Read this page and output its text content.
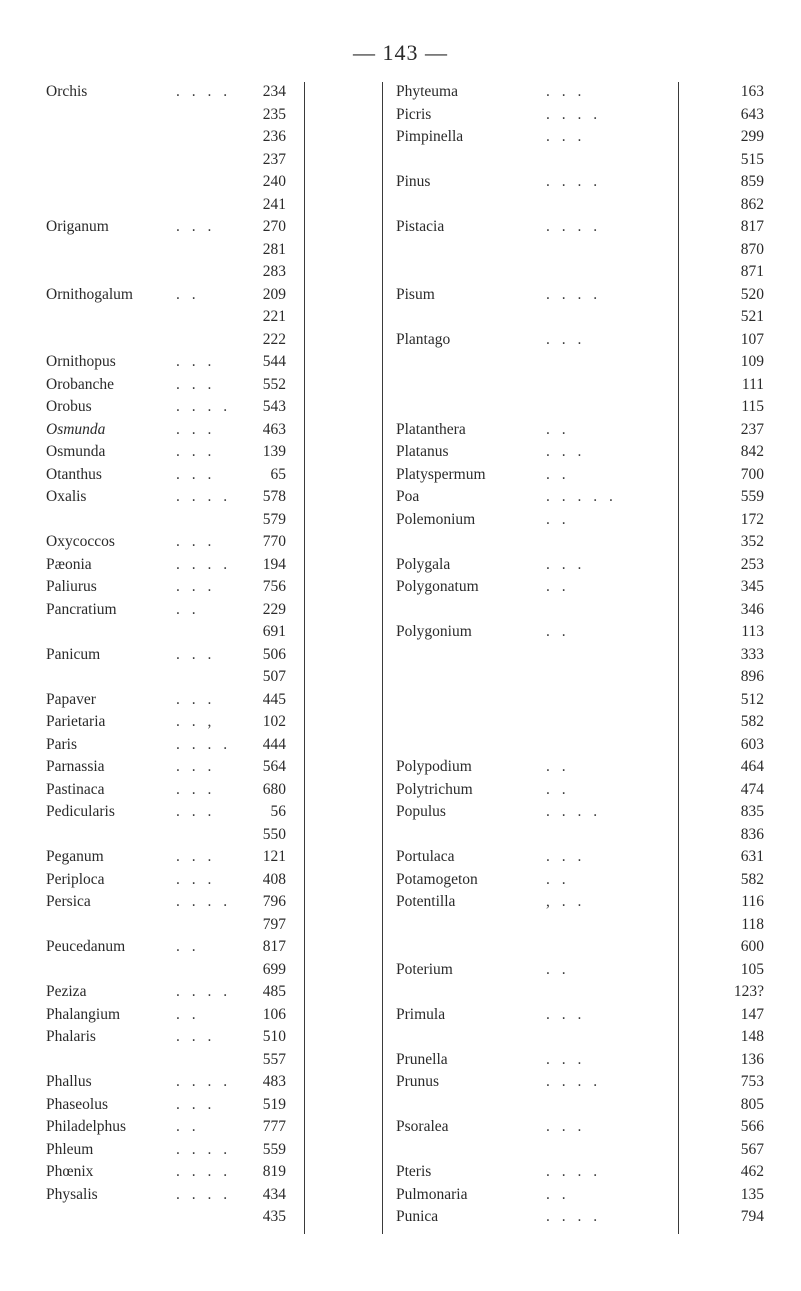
— 143 —
Orchis	. . . .	234
235
236
237
240
241
Origanum	. . .	270
281
283
Ornithogalum	. .	209
221
222
Ornithopus	. . .	544
Orobanche	. . .	552
Orobus	. . . .	543
Osmunda	. . .	463
Osmunda	. . .	139
Otanthus	. . .	65
Oxalis	. . . .	578
579
Oxycoccos	. . .	770
Pæonia	. . . .	194
Paliurus	. . .	756
Pancratium	. .	229
691
Panicum	. . .	506
507
Papaver	. . .	445
Parietaria	. . ,	102
Paris	. . . .	444
Parnassia	. . .	564
Pastinaca	. . .	680
Pedicularis	. . .	56
550
Peganum	. . .	121
Periploca	. . .	408
Persica	. . . .	796
797
Peucedanum	. .	817
699
Peziza	. . . .	485
Phalangium	. .	106
Phalaris	. . .	510
557
Phallus	. . . .	483
Phaseolus	. . .	519
Philadelphus	. .	777
Phleum	. . . .	559
Phœnix	. . . .	819
Physalis	. . . .	434
435
Phyteuma	. . .	163
Picris	. . . .	643
Pimpinella	. . .	299
515
Pinus	. . . .	859
862
Pistacia	. . . .	817
870
871
Pisum	. . . .	520
521
Plantago	. . .	107
109
111
115
Platanthera	. .	237
Platanus	. . .	842
Platyspermum	. .	700
Poa	. . . . .	559
Polemonium	. .	172
352
Polygala	. . .	253
Polygonatum	. .	345
346
Polygonium	. .	113
333
896
512
582
603
Polypodium	. .	464
Polytrichum	. .	474
Populus	. . . .	835
836
Portulaca	. . .	631
Potamogeton	. .	582
Potentilla	, . .	116
118
600
Poterium	. .	105
123?
Primula	. . .	147
148
Prunella	. . .	136
Prunus	. . . .	753
805
Psoralea	. . .	566
567
Pteris	. . . .	462
Pulmonaria	. .	135
Punica	. . . .	794
